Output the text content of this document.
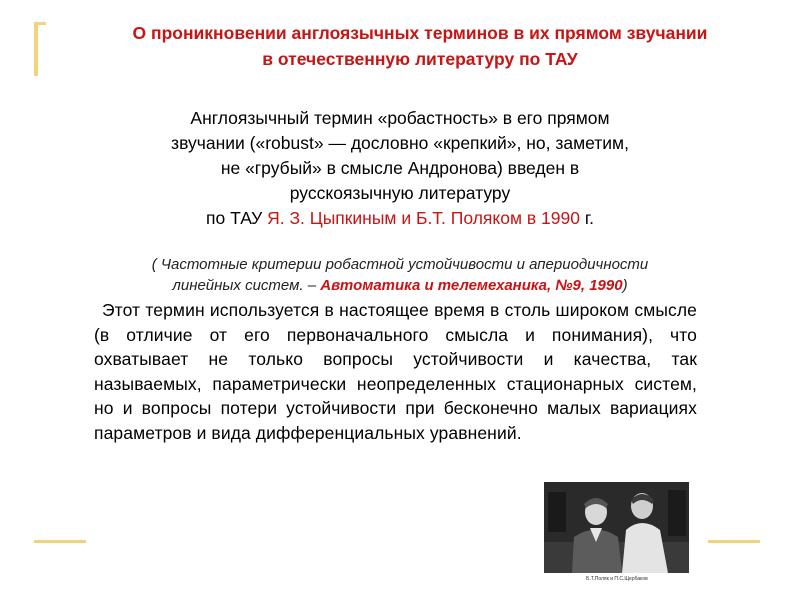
О проникновении англоязычных терминов в их прямом звучании
в отечественную литературу по ТАУ
Англоязычный термин «робастность» в его прямом
звучании («robust» — дословно «крепкий», но, заметим,
не «грубый» в смысле Андронова) введен в
русскоязычную литературу
по ТАУ Я. З. Цыпкиным и Б.Т. Поляком в 1990 г.
( Частотные критерии робастной устойчивости и апериодичности
линейных систем. – Автоматика и телемеханика, №9, 1990)
Этот термин используется в настоящее время в столь широком смысле (в отличие от его первоначального смысла и понимания), что охватывает не только вопросы устойчивости и качества, так называемых, параметрически неопределенных стационарных систем, но и вопросы потери устойчивости при бесконечно малых вариациях параметров и вида дифференциальных уравнений.
Б.Т.Поляк и П.С.Щербаков
